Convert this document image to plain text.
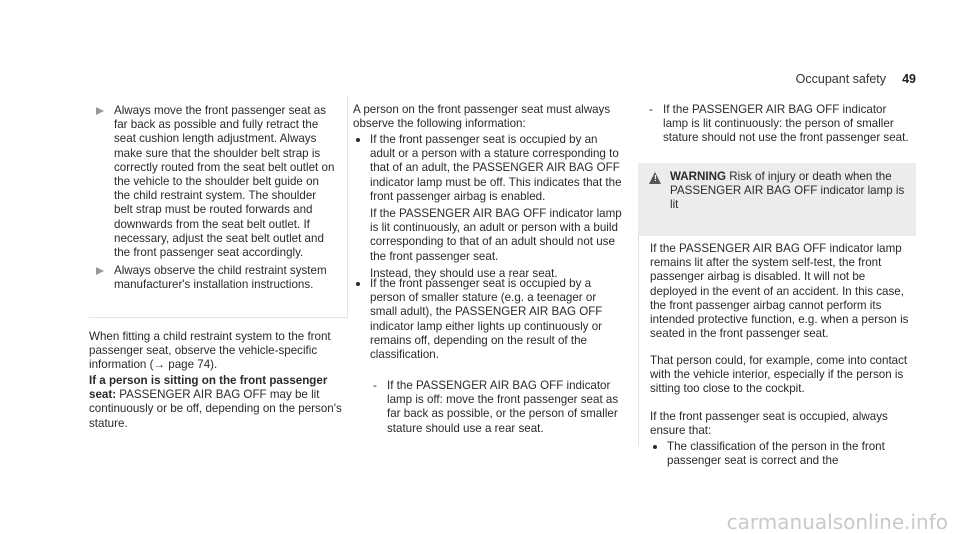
Occupant safety 49
Always move the front passenger seat as far back as possible and fully retract the seat cushion length adjustment. Always make sure that the shoulder belt strap is correctly routed from the seat belt outlet on the vehicle to the shoulder belt guide on the child restraint system. The shoulder belt strap must be routed forwards and downwards from the seat belt outlet. If necessary, adjust the seat belt outlet and the front passenger seat accordingly.
Always observe the child restraint system manufacturer's installation instructions.

When fitting a child restraint system to the front passenger seat, observe the vehicle-specific information (→ page 74).

If a person is sitting on the front passenger seat: PASSENGER AIR BAG OFF may be lit continuously or be off, depending on the person's stature.

A person on the front passenger seat must always observe the following information:

If the front passenger seat is occupied by an adult or a person with a stature corresponding to that of an adult, the PASSENGER AIR BAG OFF indicator lamp must be off. This indicates that the front passenger airbag is enabled.

If the PASSENGER AIR BAG OFF indicator lamp is lit continuously, an adult or person with a build corresponding to that of an adult should not use the front passenger seat.

Instead, they should use a rear seat.

If the front passenger seat is occupied by a person of smaller stature (e.g. a teenager or small adult), the PASSENGER AIR BAG OFF indicator lamp either lights up continuously or remains off, depending on the result of the classification.

- If the PASSENGER AIR BAG OFF indicator lamp is off: move the front passenger seat as far back as possible, or the person of smaller stature should use a rear seat.
- If the PASSENGER AIR BAG OFF indicator lamp is lit continuously: the person of smaller stature should not use the front passenger seat.
! WARNING Risk of injury or death when the PASSENGER AIR BAG OFF indicator lamp is lit

If the PASSENGER AIR BAG OFF indicator lamp remains lit after the system self-test, the front passenger airbag is disabled. It will not be deployed in the event of an accident. In this case, the front passenger airbag cannot perform its intended protective function, e.g. when a person is seated in the front passenger seat.

That person could, for example, come into contact with the vehicle interior, especially if the person is sitting too close to the cockpit.

If the front passenger seat is occupied, always ensure that:

The classification of the person in the front passenger seat is correct and the
carmanualsonline.info
